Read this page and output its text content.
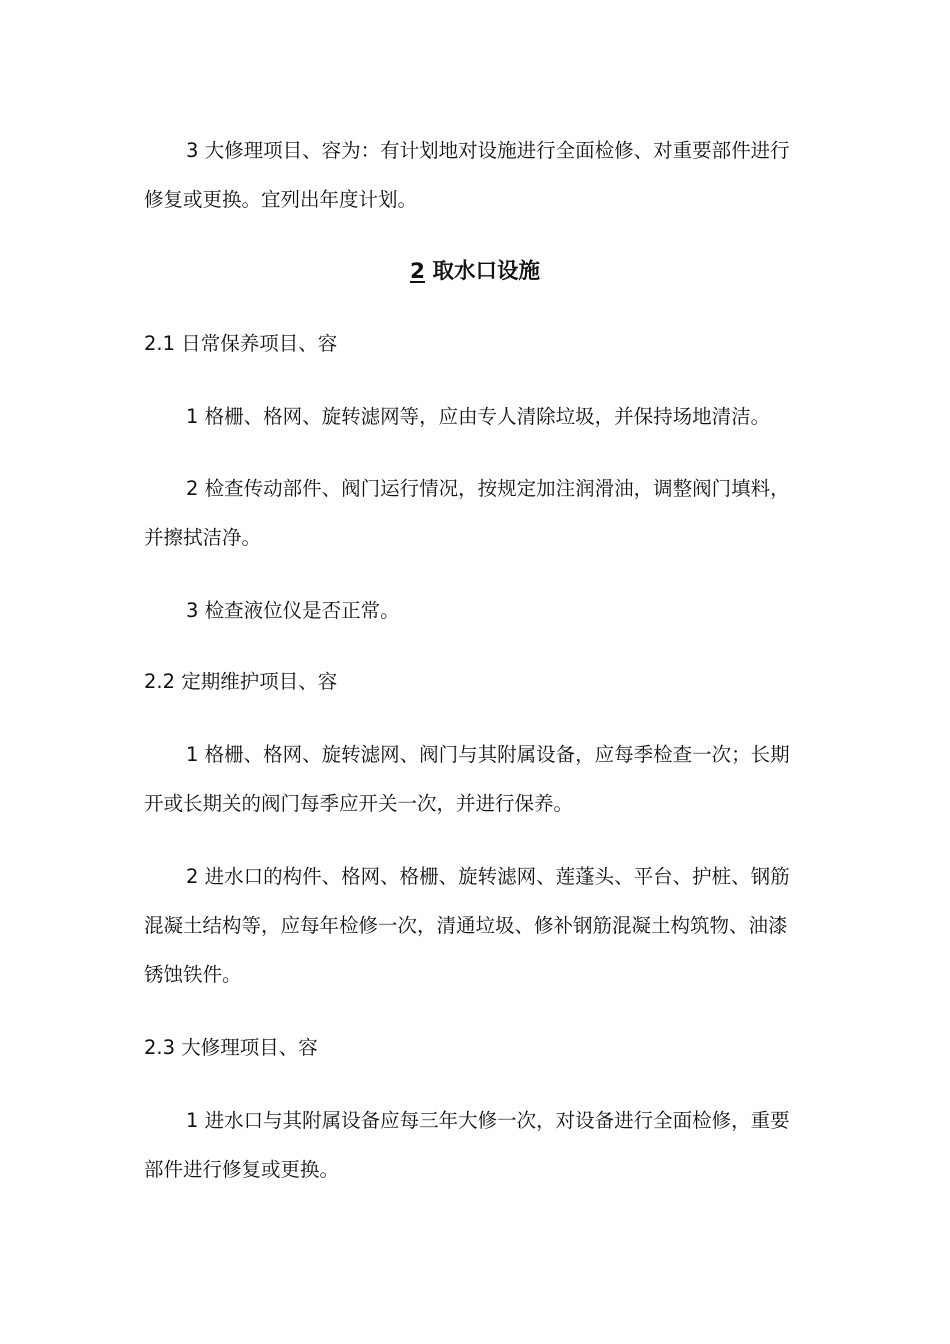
3 大修理项目、容为：有计划地对设施进行全面检修、对重要部件进行修复或更换。宜列出年度计划。
2 取水口设施
2.1 日常保养项目、容
1 格栅、格网、旋转滤网等，应由专人清除垃圾，并保持场地清洁。
2 检查传动部件、阀门运行情况，按规定加注润滑油，调整阀门填料，并擦拭洁净。
3 检查液位仪是否正常。
2.2 定期维护项目、容
1 格栅、格网、旋转滤网、阀门与其附属设备，应每季检查一次；长期开或长期关的阀门每季应开关一次，并进行保养。
2 进水口的构件、格网、格栅、旋转滤网、莲蓬头、平台、护桩、钢筋混凝土结构等，应每年检修一次，清通垃圾、修补钢筋混凝土构筑物、油漆锈蚀铁件。
2.3 大修理项目、容
1 进水口与其附属设备应每三年大修一次，对设备进行全面检修，重要部件进行修复或更换。
